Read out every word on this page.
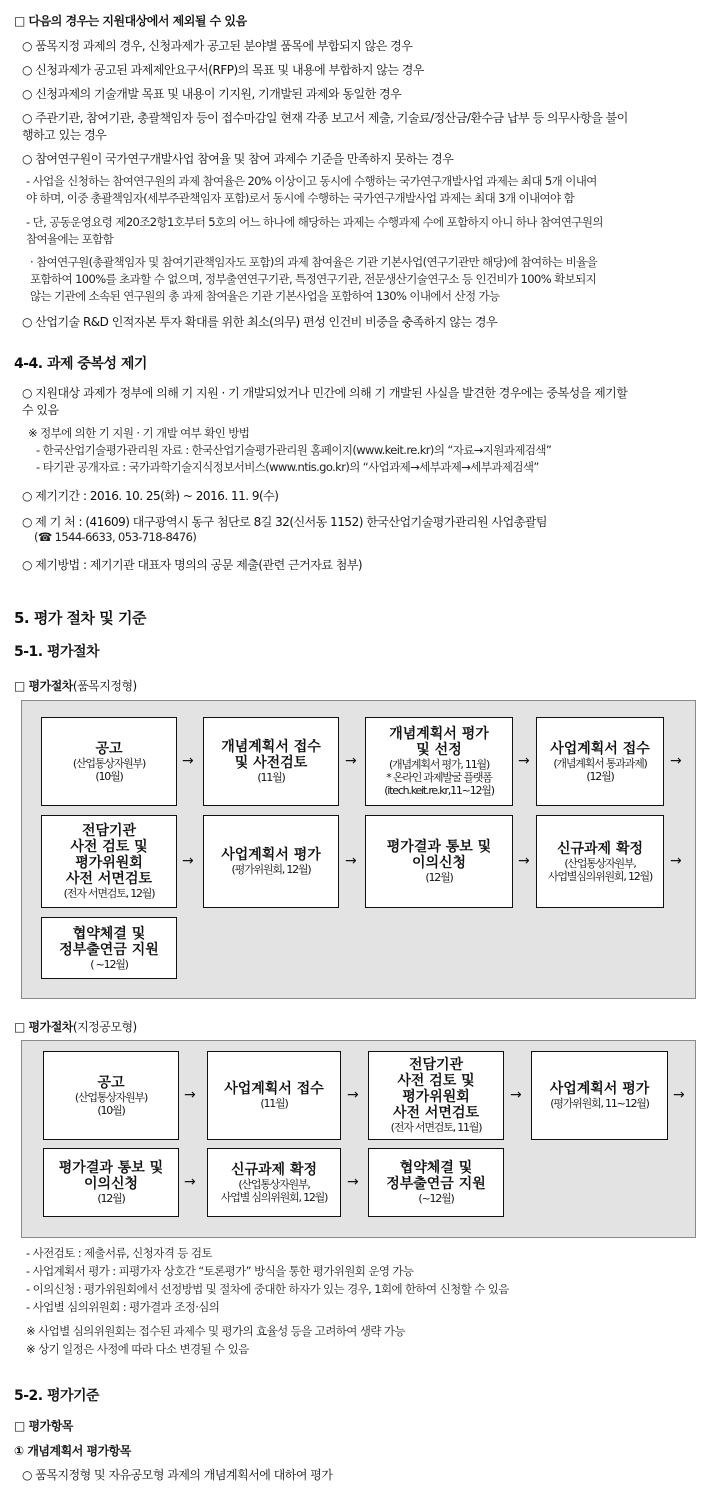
□ 다음의 경우는 지원대상에서 제외될 수 있음
○ 품목지정 과제의 경우, 신청과제가 공고된 분야별 품목에 부합되지 않은 경우
○ 신청과제가 공고된 과제제안요구서(RFP)의 목표 및 내용에 부합하지 않는 경우
○ 신청과제의 기술개발 목표 및 내용이 기지원, 기개발된 과제와 동일한 경우
○ 주관기관, 참여기관, 총괄책임자 등이 접수마감일 현재 각종 보고서 제출, 기술료/정산금/환수금 납부 등 의무사항을 불이
행하고 있는 경우
○ 참여연구원이 국가연구개발사업 참여율 및 참여 과제수 기준을 만족하지 못하는 경우
- 사업을 신청하는 참여연구원의 과제 참여율은 20% 이상이고 동시에 수행하는 국가연구개발사업 과제는 최대 5개 이내여
야 하며, 이중 총괄책임자(세부주관책임자 포함)로서 동시에 수행하는 국가연구개발사업 과제는 최대 3개 이내여야 함
- 단, 공동운영요령 제20조2항1호부터 5호의 어느 하나에 해당하는 과제는 수행과제 수에 포함하지 아니 하나 참여연구원의
참여율에는 포함함
· 참여연구원(총괄책임자 및 참여기관책임자도 포함)의 과제 참여율은 기관 기본사업(연구기관만 해당)에 참여하는 비율을
포함하여 100%를 초과할 수 없으며, 정부출연연구기관, 특정연구기관, 전문생산기술연구소 등 인건비가 100% 확보되지
않는 기관에 소속된 연구원의 총 과제 참여율은 기관 기본사업을 포함하여 130% 이내에서 산정 가능
○ 산업기술 R&D 인적자본 투자 확대를 위한 최소(의무) 편성 인건비 비중을 충족하지 않는 경우
4-4. 과제 중복성 제기
○ 지원대상 과제가 정부에 의해 기 지원 · 기 개발되었거나 민간에 의해 기 개발된 사실을 발견한 경우에는 중복성을 제기할
수 있음
※ 정부에 의한 기 지원 · 기 개발 여부 확인 방법
- 한국산업기술평가관리원 자료 : 한국산업기술평가관리원 홈페이지(www.keit.re.kr)의 “자료→지원과제검색”
- 타기관 공개자료 : 국가과학기술지식정보서비스(www.ntis.go.kr)의 “사업과제→세부과제→세부과제검색”
○ 제기기간 : 2016. 10. 25(화) ~ 2016. 11. 9(수)
○ 제 기 처 : (41609) 대구광역시 동구 첨단로 8길 32(신서동 1152) 한국산업기술평가관리원 사업총괄팀
(☎ 1544-6633, 053-718-8476)
○ 제기방법 : 제기기관 대표자 명의의 공문 제출(관련 근거자료 첨부)
5. 평가 절차 및 기준
5-1. 평가절차
□ 평가절차(품목지정형)
공고
(산업통상자원부)
(10월)
→
개념계획서 접수
및 사전검토
(11월)
→
개념계획서 평가
및 선정
(개념계획서 평가, 11월)
* 온라인 과제발굴 플랫폼
(itech.keit.re.kr,11~12월)
→
사업계획서 접수
(개념계획서 통과과제)
(12월)
→
전담기관
사전 검토 및
평가위원회
사전 서면검토
(전자 서면검토, 12월)
→ 사업계획서 평가
(평가위원회, 12월)
→
평가결과 통보 및
이의신청
(12월)
→
신규과제 확정
(산업통상자원부,
사업별심의위원회, 12월)
→
협약체결 및
정부출연금 지원
( ~12월)
□ 평가절차(지정공모형)
공고
(산업통상자원부)
(10월)
→ 사업계획서 접수
(11월)
→
전담기관
사전 검토 및
평가위원회
사전 서면검토
(전자 서면검토, 11월)
→ 사업계획서 평가
(평가위원회, 11~12월)
→
평가결과 통보 및
이의신청
(12월)
→
신규과제 확정
(산업통상자원부,
사업별 심의위원회, 12월)
→
협약체결 및
정부출연금 지원
(~12월)
- 사전검토 : 제출서류, 신청자격 등 검토
- 사업계획서 평가 : 피평가자 상호간 “토론평가” 방식을 통한 평가위원회 운영 가능
- 이의신청 : 평가위원회에서 선정방법 및 절차에 중대한 하자가 있는 경우, 1회에 한하여 신청할 수 있음
- 사업별 심의위원회 : 평가결과 조정·심의
※ 사업별 심의위원회는 접수된 과제수 및 평가의 효율성 등을 고려하여 생략 가능
※ 상기 일정은 사정에 따라 다소 변경될 수 있음
5-2. 평가기준
□ 평가항목
① 개념계획서 평가항목
○ 품목지정형 및 자유공모형 과제의 개념계획서에 대하여 평가
